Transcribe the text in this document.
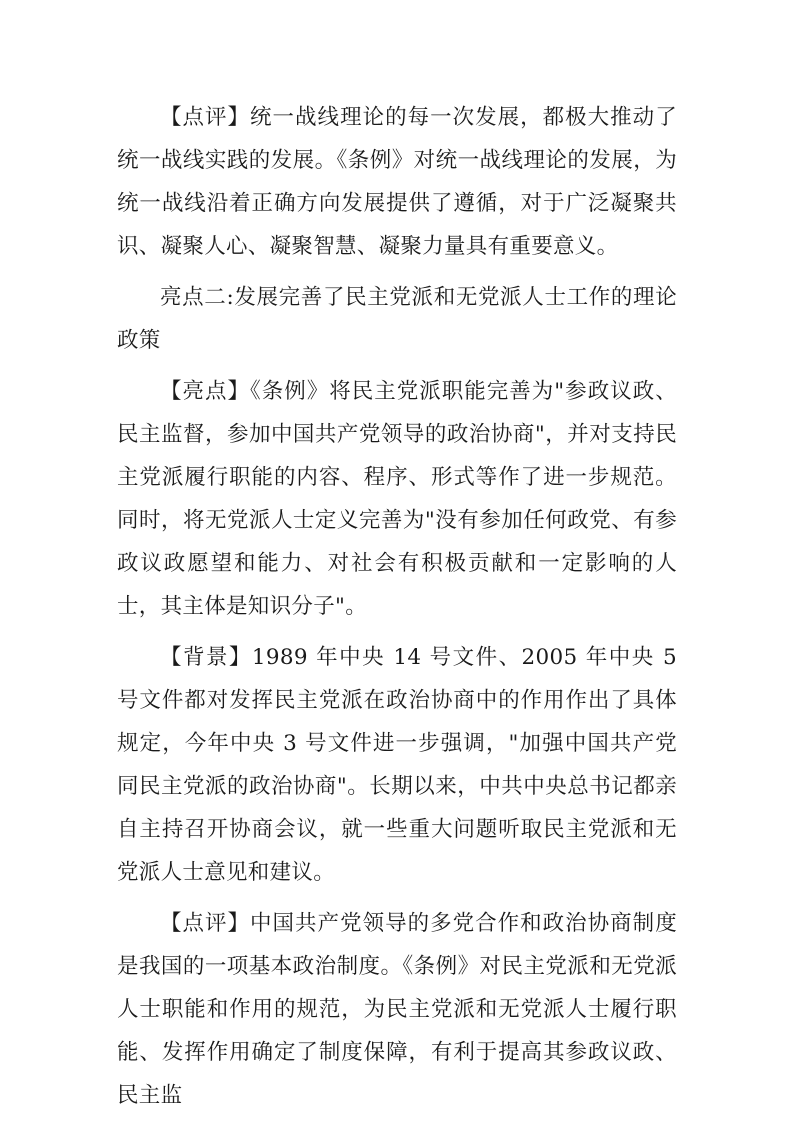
【点评】统一战线理论的每一次发展，都极大推动了统一战线实践的发展。《条例》对统一战线理论的发展，为统一战线沿着正确方向发展提供了遵循，对于广泛凝聚共识、凝聚人心、凝聚智慧、凝聚力量具有重要意义。

亮点二:发展完善了民主党派和无党派人士工作的理论政策

【亮点】《条例》将民主党派职能完善为"参政议政、民主监督，参加中国共产党领导的政治协商"，并对支持民主党派履行职能的内容、程序、形式等作了进一步规范。同时，将无党派人士定义完善为"没有参加任何政党、有参政议政愿望和能力、对社会有积极贡献和一定影响的人士，其主体是知识分子"。

【背景】1989 年中央 14 号文件、2005 年中央 5 号文件都对发挥民主党派在政治协商中的作用作出了具体规定，今年中央 3 号文件进一步强调，"加强中国共产党同民主党派的政治协商"。长期以来，中共中央总书记都亲自主持召开协商会议，就一些重大问题听取民主党派和无党派人士意见和建议。

【点评】中国共产党领导的多党合作和政治协商制度是我国的一项基本政治制度。《条例》对民主党派和无党派人士职能和作用的规范，为民主党派和无党派人士履行职能、发挥作用确定了制度保障，有利于提高其参政议政、民主监
